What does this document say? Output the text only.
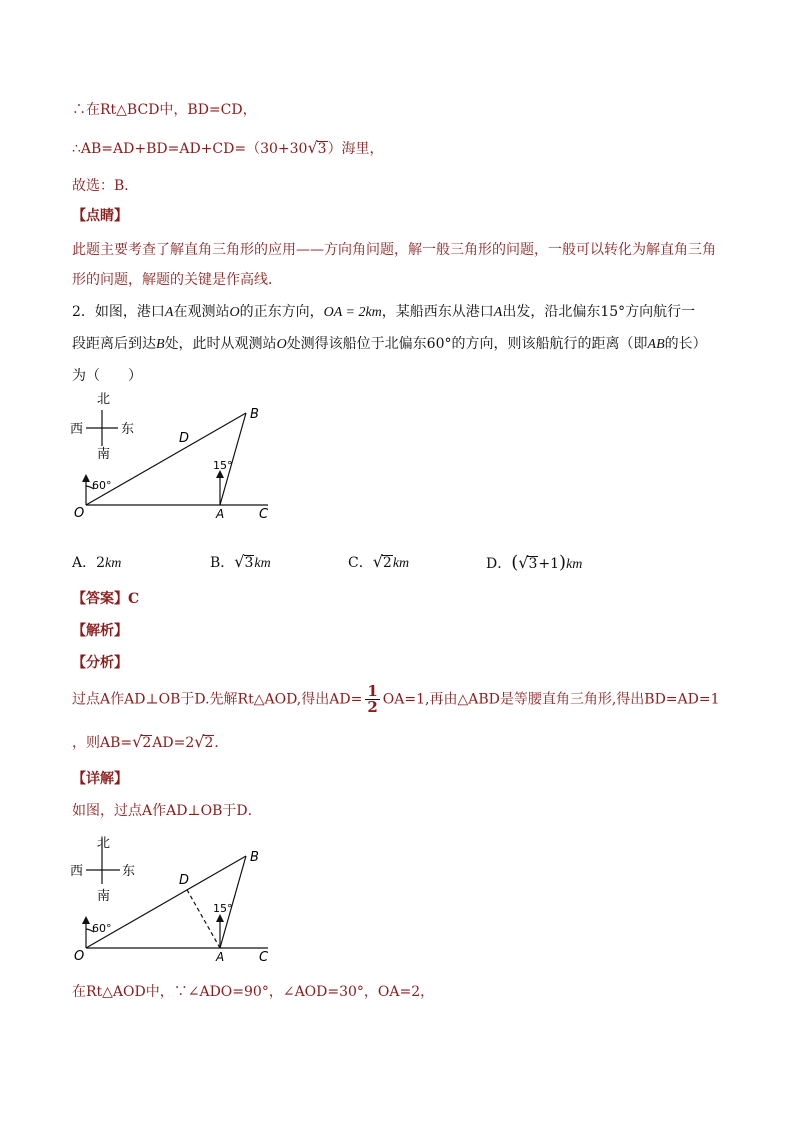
∴在Rt△BCD中，BD=CD，
∴AB=AD+BD=AD+CD=（30+30√3）海里，
故选：B．
【点睛】
此题主要考查了解直角三角形的应用——方向角问题，解一般三角形的问题，一般可以转化为解直角三角
形的问题，解题的关键是作高线．
2．如图，港口A在观测站O的正东方向，OA = 2km，某船西东从港口A出发，沿北偏东15°方向航行一
段距离后到达B处，此时从观测站O处测得该船位于北偏东60°的方向，则该船航行的距离（即AB的长）
为（　　）
北
西	东
南
60°
15°
O	A	C
B
D
A．2km	B．√3km	C．√2km	D．(√3+1)km
【答案】C
【解析】
【分析】
过点A作AD⊥OB于D.先解Rt△AOD,得出$AD= \frac{1}{2} OA=1$,再由△ABD是等腰直角三角形,得出BD=AD=1
，则AB=√2AD=2√2．
【详解】
如图，过点A作AD⊥OB于D．
北
西	东
南
60°
15°
O	A	C
B
D
在Rt△AOD中，∵∠ADO=90°，∠AOD=30°，OA=2，
